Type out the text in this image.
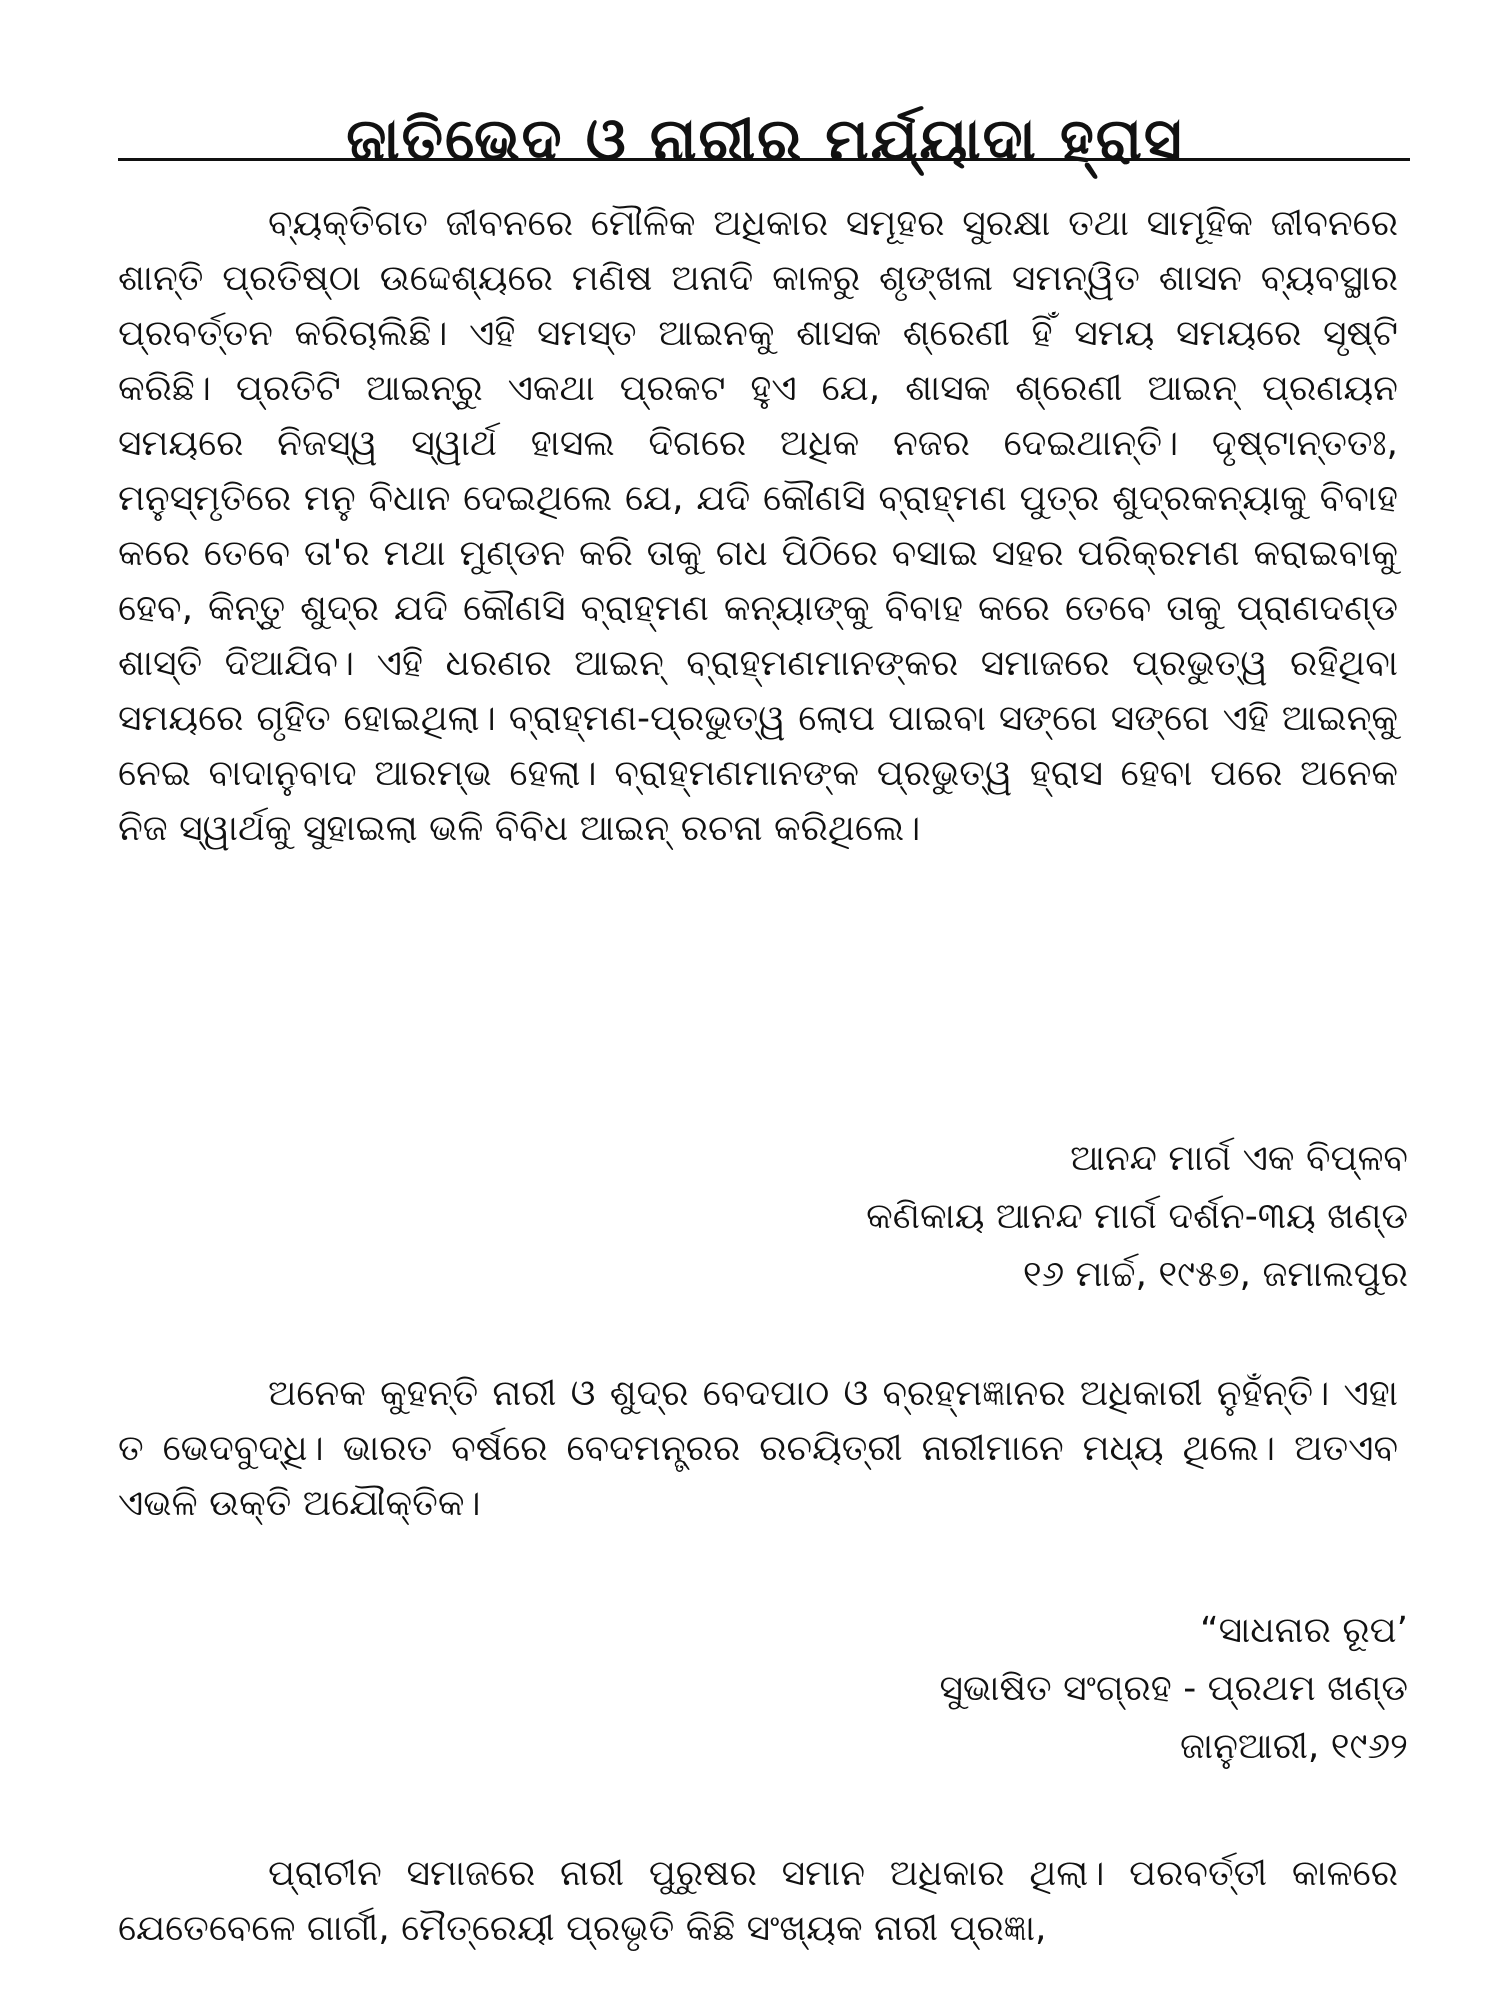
ଜାତିଭେଦ ଓ ନାରୀର ମର୍ଯ୍ୟାଦା ହ୍ରାସ

ବ୍ୟକ୍ତିଗତ ଜୀବନରେ ମୌଳିକ ଅଧିକାର ସମୂହର ସୁରକ୍ଷା ତଥା ସାମୂହିକ ଜୀବନରେ ଶାନ୍ତି ପ୍ରତିଷ୍ଠା ଉଦ୍ଦେଶ୍ୟରେ ମଣିଷ ଅନାଦି କାଳରୁ ଶୃଙ୍ଖଳା ସମନ୍ୱିତ ଶାସନ ବ୍ୟବସ୍ଥାର ପ୍ରବର୍ତ୍ତନ କରିଚାଲିଛି। ଏହି ସମସ୍ତ ଆଇନକୁ ଶାସକ ଶ୍ରେଣୀ ହିଁ ସମୟ ସମୟରେ ସୃଷ୍ଟି କରିଛି। ପ୍ରତିଟି ଆଇନ୍‌ରୁ ଏକଥା ପ୍ରକଟ ହୁଏ ଯେ, ଶାସକ ଶ୍ରେଣୀ ଆଇନ୍ ପ୍ରଣୟନ ସମୟରେ ନିଜସ୍ୱ ସ୍ୱାର୍ଥ ହାସଲ ଦିଗରେ ଅଧିକ ନଜର ଦେଇଥାନ୍ତି। ଦୃଷ୍ଟାନ୍ତତଃ, ମନୁସ୍ମୃତିରେ ମନୁ ବିଧାନ ଦେଇଥିଲେ ଯେ, ଯଦି କୌଣସି ବ୍ରାହ୍ମଣ ପୁତ୍ର ଶୁଦ୍ରକନ୍ୟାକୁ ବିବାହ କରେ ତେବେ ତା'ର ମଥା ମୁଣ୍ଡନ କରି ତାକୁ ଗଧ ପିଠିରେ ବସାଇ ସହର ପରିକ୍ରମଣ କରାଇବାକୁ ହେବ, କିନ୍ତୁ ଶୁଦ୍ର ଯଦି କୌଣସି ବ୍ରାହ୍ମଣ କନ୍ୟାଙ୍କୁ ବିବାହ କରେ ତେବେ ତାକୁ ପ୍ରାଣଦଣ୍ଡ ଶାସ୍ତି ଦିଆଯିବ। ଏହି ଧରଣର ଆଇନ୍ ବ୍ରାହ୍ମଣମାନଙ୍କର ସମାଜରେ ପ୍ରଭୁତ୍ୱ ରହିଥିବା ସମୟରେ ଗୃହିତ ହୋଇଥିଲା। ବ୍ରାହ୍ମଣ-ପ୍ରଭୁତ୍ୱ ଲୋପ ପାଇବା ସଙ୍ଗେ ସଙ୍ଗେ ଏହି ଆଇନ୍‌କୁ ନେଇ ବାଦାନୁବାଦ ଆରମ୍ଭ ହେଲା। ବ୍ରାହ୍ମଣମାନଙ୍କ ପ୍ରଭୁତ୍ୱ ହ୍ରାସ ହେବା ପରେ ଅନେକ ନିଜ ସ୍ୱାର୍ଥକୁ ସୁହାଇଲା ଭଳି ବିବିଧ ଆଇନ୍ ରଚନା କରିଥିଲେ।

ଆନନ୍ଦ ମାର୍ଗ ଏକ ବିପ୍ଳବ
କଣିକାୟ ଆନନ୍ଦ ମାର୍ଗ ଦର୍ଶନ-୩ୟ ଖଣ୍ଡ
୧୬ ମାର୍ଚ୍ଚ, ୧୯୫୭, ଜମାଲପୁର

ଅନେକ କୁହନ୍ତି ନାରୀ ଓ ଶୁଦ୍ର ବେଦପାଠ ଓ ବ୍ରହ୍ମଜ୍ଞାନର ଅଧିକାରୀ ନୁହଁନ୍ତି। ଏହା ତ ଭେଦବୁଦ୍ଧି। ଭାରତ ବର୍ଷରେ ବେଦମନ୍ତ୍ରର ରଚୟିତ୍ରୀ ନାରୀମାନେ ମଧ୍ୟ ଥିଲେ। ଅତଏବ ଏଭଳି ଉକ୍ତି ଅଯୌକ୍ତିକ।

“ସାଧନାର ରୂପ’
ସୁଭାଷିତ ସଂଗ୍ରହ - ପ୍ରଥମ ଖଣ୍ଡ
ଜାନୁଆରୀ, ୧୯୬୨

ପ୍ରାଚୀନ ସମାଜରେ ନାରୀ ପୁରୁଷର ସମାନ ଅଧିକାର ଥିଲା। ପରବର୍ତ୍ତୀ କାଳରେ ଯେତେବେଳେ ଗାର୍ଗୀ, ମୈତ୍ରେୟୀ ପ୍ରଭୃତି କିଛି ସଂଖ୍ୟକ ନାରୀ ପ୍ରଜ୍ଞା,
